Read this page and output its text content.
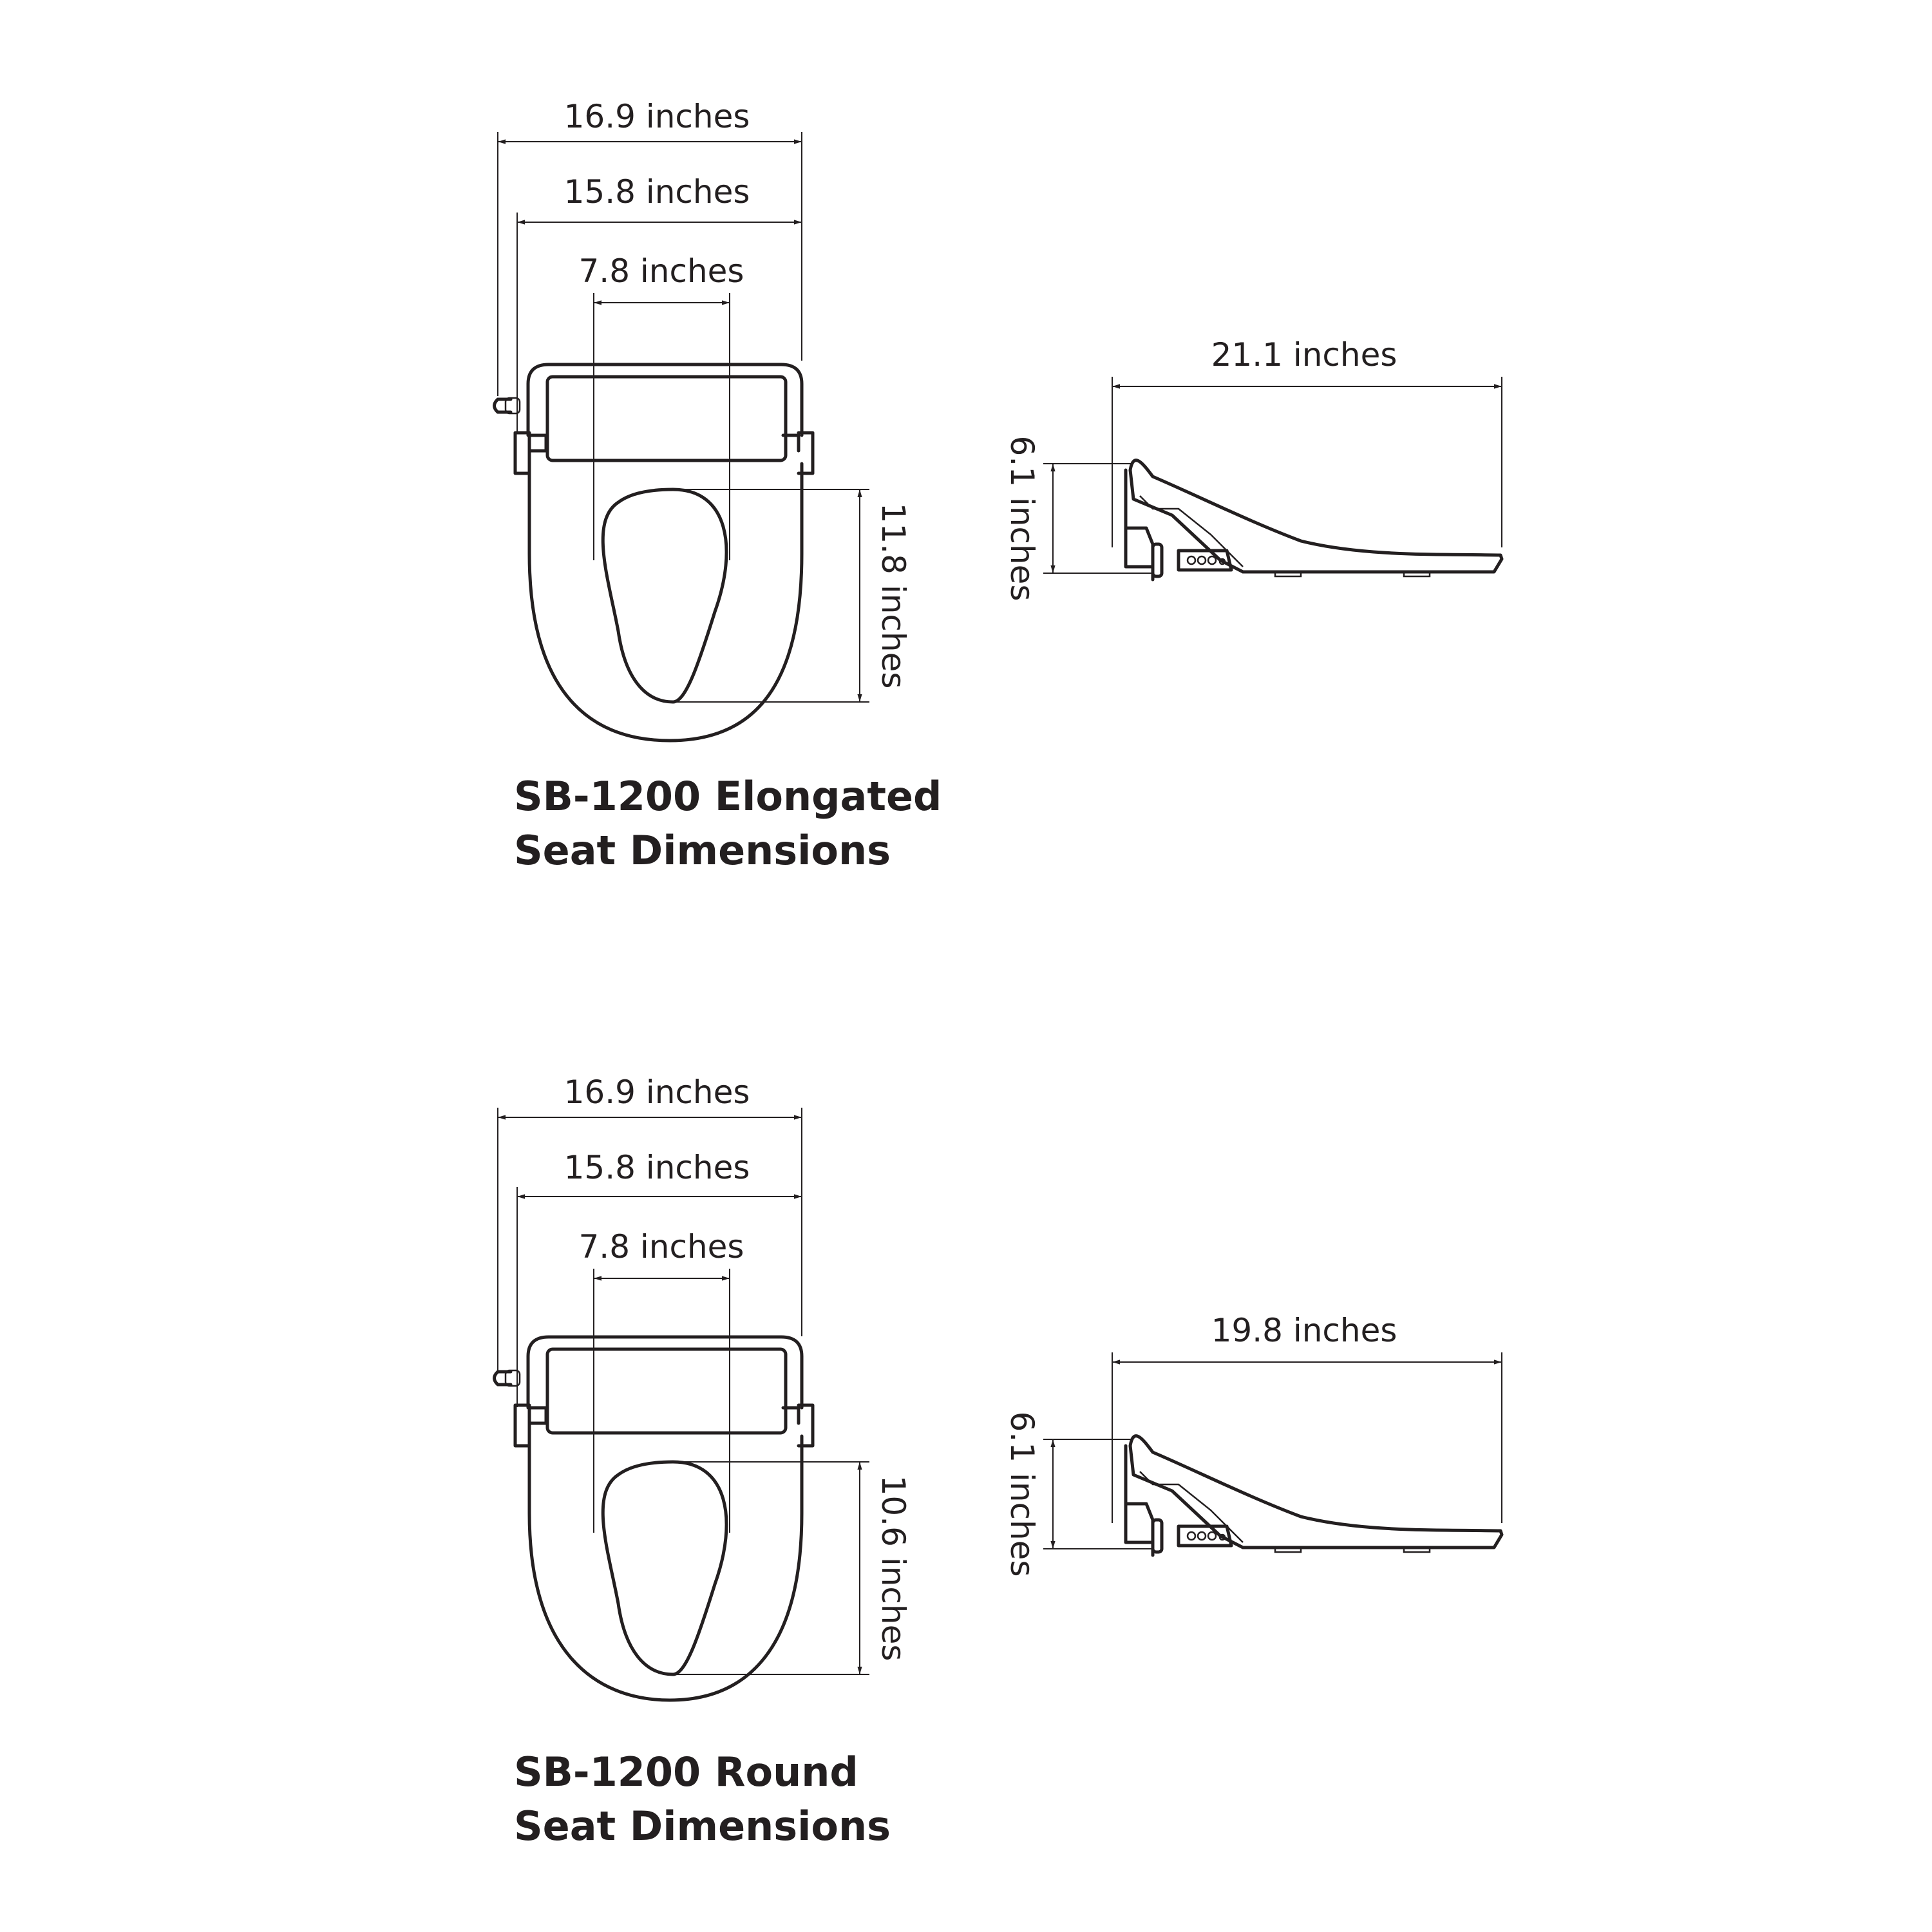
16.9 inches
15.8 inches
7.8 inches
11.8 inches
21.1 inches
6.1 inches
SB-1200 Elongated
Seat Dimensions
16.9 inches
15.8 inches
7.8 inches
10.6 inches
19.8 inches
6.1 inches
SB-1200 Round
Seat Dimensions
